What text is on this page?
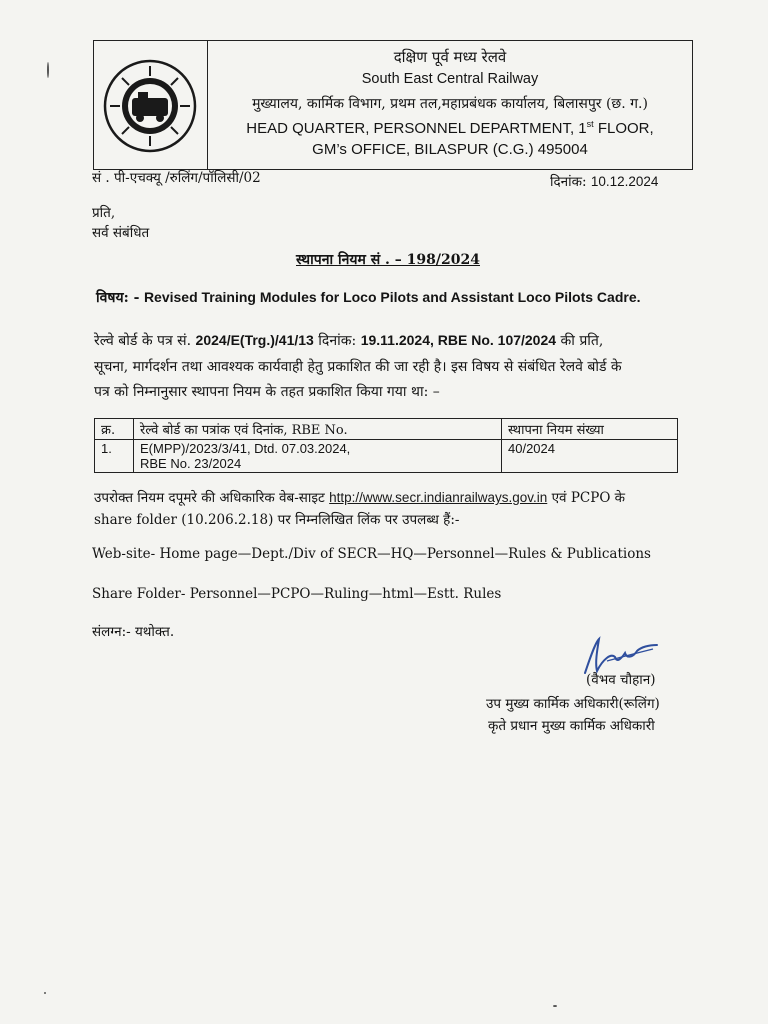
दक्षिण पूर्व मध्य रेलवे
South East Central Railway
मुख्यालय, कार्मिक विभाग, प्रथम तल,महाप्रबंधक कार्यालय, बिलासपुर (छ. ग.)
HEAD QUARTER, PERSONNEL DEPARTMENT, 1st FLOOR,
GM’s OFFICE, BILASPUR (C.G.) 495004
सं . पी-एचक्यू /रुलिंग/पॉलिसी/02	दिनांक: 10.12.2024
प्रति,
सर्व संबंधित
स्थापना नियम सं . – 198/2024
विषय: - Revised Training Modules for Loco Pilots and Assistant Loco Pilots Cadre.
रेल्वे बोर्ड के पत्र सं. 2024/E(Trg.)/41/13 दिनांक: 19.11.2024, RBE No. 107/2024 की प्रति,
सूचना, मार्गदर्शन तथा आवश्यक कार्यवाही हेतु प्रकाशित की जा रही है। इस विषय से संबंधित रेलवे बोर्ड के
पत्र को निम्नानुसार स्थापना नियम के तहत प्रकाशित किया गया था: –
क्र.	रेल्वे बोर्ड का पत्रांक एवं दिनांक, RBE No.	स्थापना नियम संख्या
1.	E(MPP)/2023/3/41, Dtd. 07.03.2024,
RBE No. 23/2024	40/2024
उपरोक्त नियम दपूमरे की अधिकारिक वेब-साइट http://www.secr.indianrailways.gov.in एवं PCPO के
share folder (10.206.2.18) पर निम्नलिखित लिंक पर उपलब्ध हैं:-
Web-site- Home page—Dept./Div of SECR—HQ—Personnel—Rules & Publications
Share Folder- Personnel—PCPO—Ruling—html—Estt. Rules
संलग्न:- यथोक्त.
(वैभव चौहान)
उप मुख्य कार्मिक अधिकारी(रूलिंग)
कृते प्रधान मुख्य कार्मिक अधिकारी
